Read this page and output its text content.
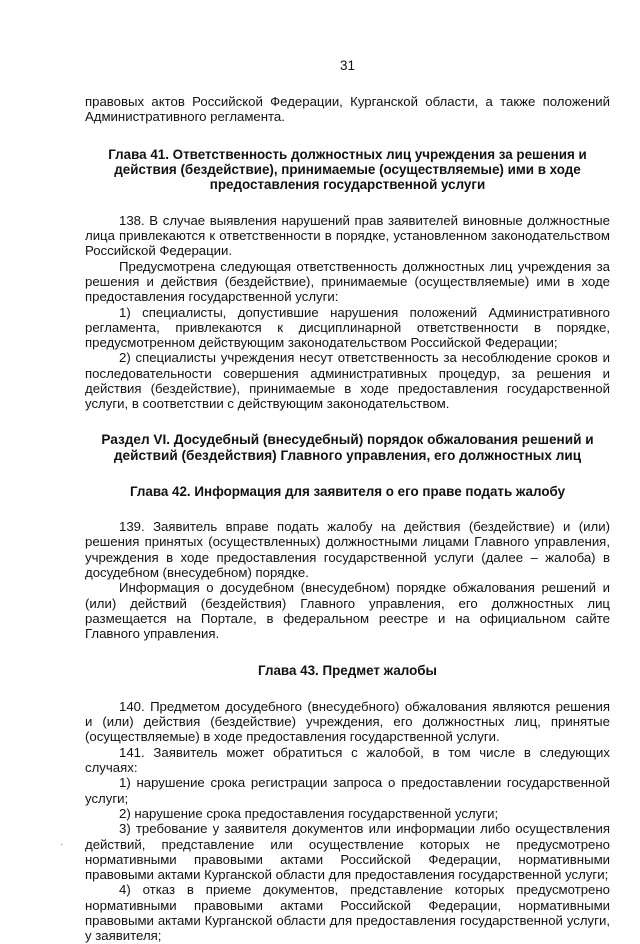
31

правовых актов Российской Федерации, Курганской области, а также положений Административного регламента.

Глава 41. Ответственность должностных лиц учреждения за решения и действия (бездействие), принимаемые (осуществляемые) ими в ходе предоставления государственной услуги

138. В случае выявления нарушений прав заявителей виновные должностные лица привлекаются к ответственности в порядке, установленном законодательством Российской Федерации.

Предусмотрена следующая ответственность должностных лиц учреждения за решения и действия (бездействие), принимаемые (осуществляемые) ими в ходе предоставления государственной услуги:

1) специалисты, допустившие нарушения положений Административного регламента, привлекаются к дисциплинарной ответственности в порядке, предусмотренном действующим законодательством Российской Федерации;

2) специалисты учреждения несут ответственность за несоблюдение сроков и последовательности совершения административных процедур, за решения и действия (бездействие), принимаемые в ходе предоставления государственной услуги, в соответствии с действующим законодательством.

Раздел VI. Досудебный (внесудебный) порядок обжалования решений и действий (бездействия) Главного управления, его должностных лиц
Глава 42. Информация для заявителя о его праве подать жалобу

139. Заявитель вправе подать жалобу на действия (бездействие) и (или) решения принятых (осуществленных) должностными лицами Главного управления, учреждения в ходе предоставления государственной услуги (далее – жалоба) в досудебном (внесудебном) порядке.

Информация о досудебном (внесудебном) порядке обжалования решений и (или) действий (бездействия) Главного управления, его должностных лиц размещается на Портале, в федеральном реестре и на официальном сайте Главного управления.

Глава 43. Предмет жалобы

140. Предметом досудебного (внесудебного) обжалования являются решения и (или) действия (бездействие) учреждения, его должностных лиц, принятые (осуществляемые) в ходе предоставления государственной услуги.

141. Заявитель может обратиться с жалобой, в том числе в следующих случаях:

1) нарушение срока регистрации запроса о предоставлении государственной услуги;

2) нарушение срока предоставления государственной услуги;

3) требование у заявителя документов или информации либо осуществления действий, представление или осуществление которых не предусмотрено нормативными правовыми актами Российской Федерации, нормативными правовыми актами Курганской области для предоставления государственной услуги;

4) отказ в приеме документов, представление которых предусмотрено нормативными правовыми актами Российской Федерации, нормативными правовыми актами Курганской области для предоставления государственной услуги, у заявителя;

·
